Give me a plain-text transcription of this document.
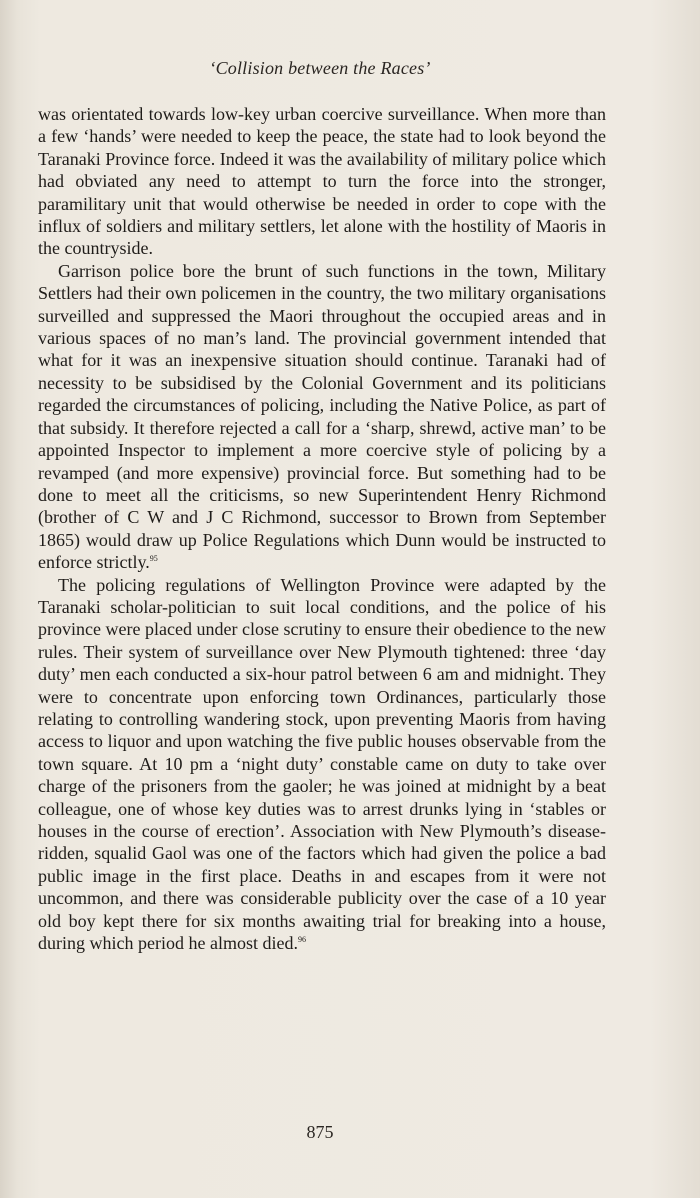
‘Collision between the Races’

was orientated towards low-key urban coercive surveillance. When more than a few ‘hands’ were needed to keep the peace, the state had to look beyond the Taranaki Province force. Indeed it was the availability of military police which had obviated any need to attempt to turn the force into the stronger, paramilitary unit that would otherwise be needed in order to cope with the influx of soldiers and military settlers, let alone with the hostility of Maoris in the countryside.

Garrison police bore the brunt of such functions in the town, Military Settlers had their own policemen in the country, the two military organisations surveilled and suppressed the Maori throughout the occupied areas and in various spaces of no man’s land. The provincial government intended that what for it was an inexpensive situation should continue. Taranaki had of necessity to be subsidised by the Colonial Government and its politicians regarded the circumstances of policing, including the Native Police, as part of that subsidy. It therefore rejected a call for a ‘sharp, shrewd, active man’ to be appointed Inspector to implement a more coercive style of policing by a revamped (and more expensive) provincial force. But something had to be done to meet all the criticisms, so new Superintendent Henry Richmond (brother of C W and J C Richmond, successor to Brown from September 1865) would draw up Police Regulations which Dunn would be instructed to enforce strictly.$^{95}$

The policing regulations of Wellington Province were adapted by the Taranaki scholar-politician to suit local conditions, and the police of his province were placed under close scrutiny to ensure their obedience to the new rules. Their system of surveillance over New Plymouth tightened: three ‘day duty’ men each conducted a six-hour patrol between 6 am and midnight. They were to concentrate upon enforcing town Ordinances, particularly those relating to controlling wandering stock, upon preventing Maoris from having access to liquor and upon watching the five public houses observable from the town square. At 10 pm a ‘night duty’ constable came on duty to take over charge of the prisoners from the gaoler; he was joined at midnight by a beat colleague, one of whose key duties was to arrest drunks lying in ‘stables or houses in the course of erection’. Association with New Plymouth’s disease-ridden, squalid Gaol was one of the factors which had given the police a bad public image in the first place. Deaths in and escapes from it were not uncommon, and there was considerable publicity over the case of a 10 year old boy kept there for six months awaiting trial for breaking into a house, during which period he almost died.$^{96}$

875
